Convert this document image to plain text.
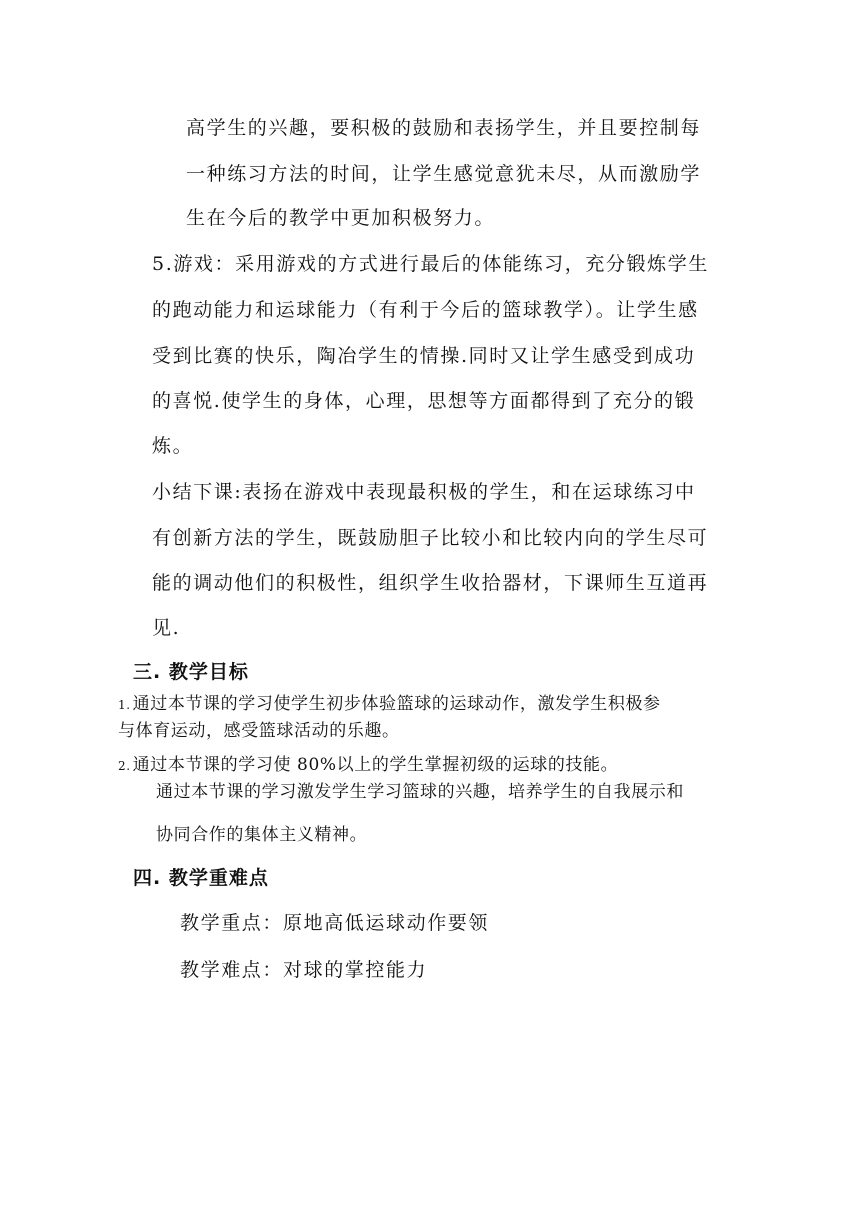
高学生的兴趣，要积极的鼓励和表扬学生，并且要控制每
一种练习方法的时间，让学生感觉意犹未尽，从而激励学
生在今后的教学中更加积极努力。
5.游戏：采用游戏的方式进行最后的体能练习，充分锻炼学生
的跑动能力和运球能力（有利于今后的篮球教学）。让学生感
受到比赛的快乐，陶冶学生的情操.同时又让学生感受到成功
的喜悦.使学生的身体，心理，思想等方面都得到了充分的锻
炼。
小结下课:表扬在游戏中表现最积极的学生，和在运球练习中
有创新方法的学生，既鼓励胆子比较小和比较内向的学生尽可
能的调动他们的积极性，组织学生收拾器材，下课师生互道再
见.
三. 教学目标
1. 通过本节课的学习使学生初步体验篮球的运球动作，激发学生积极参
与体育运动，感受篮球活动的乐趣。
2. 通过本节课的学习使 80%以上的学生掌握初级的运球的技能。
通过本节课的学习激发学生学习篮球的兴趣，培养学生的自我展示和
协同合作的集体主义精神。
四. 教学重难点
教学重点：原地高低运球动作要领
教学难点：对球的掌控能力
